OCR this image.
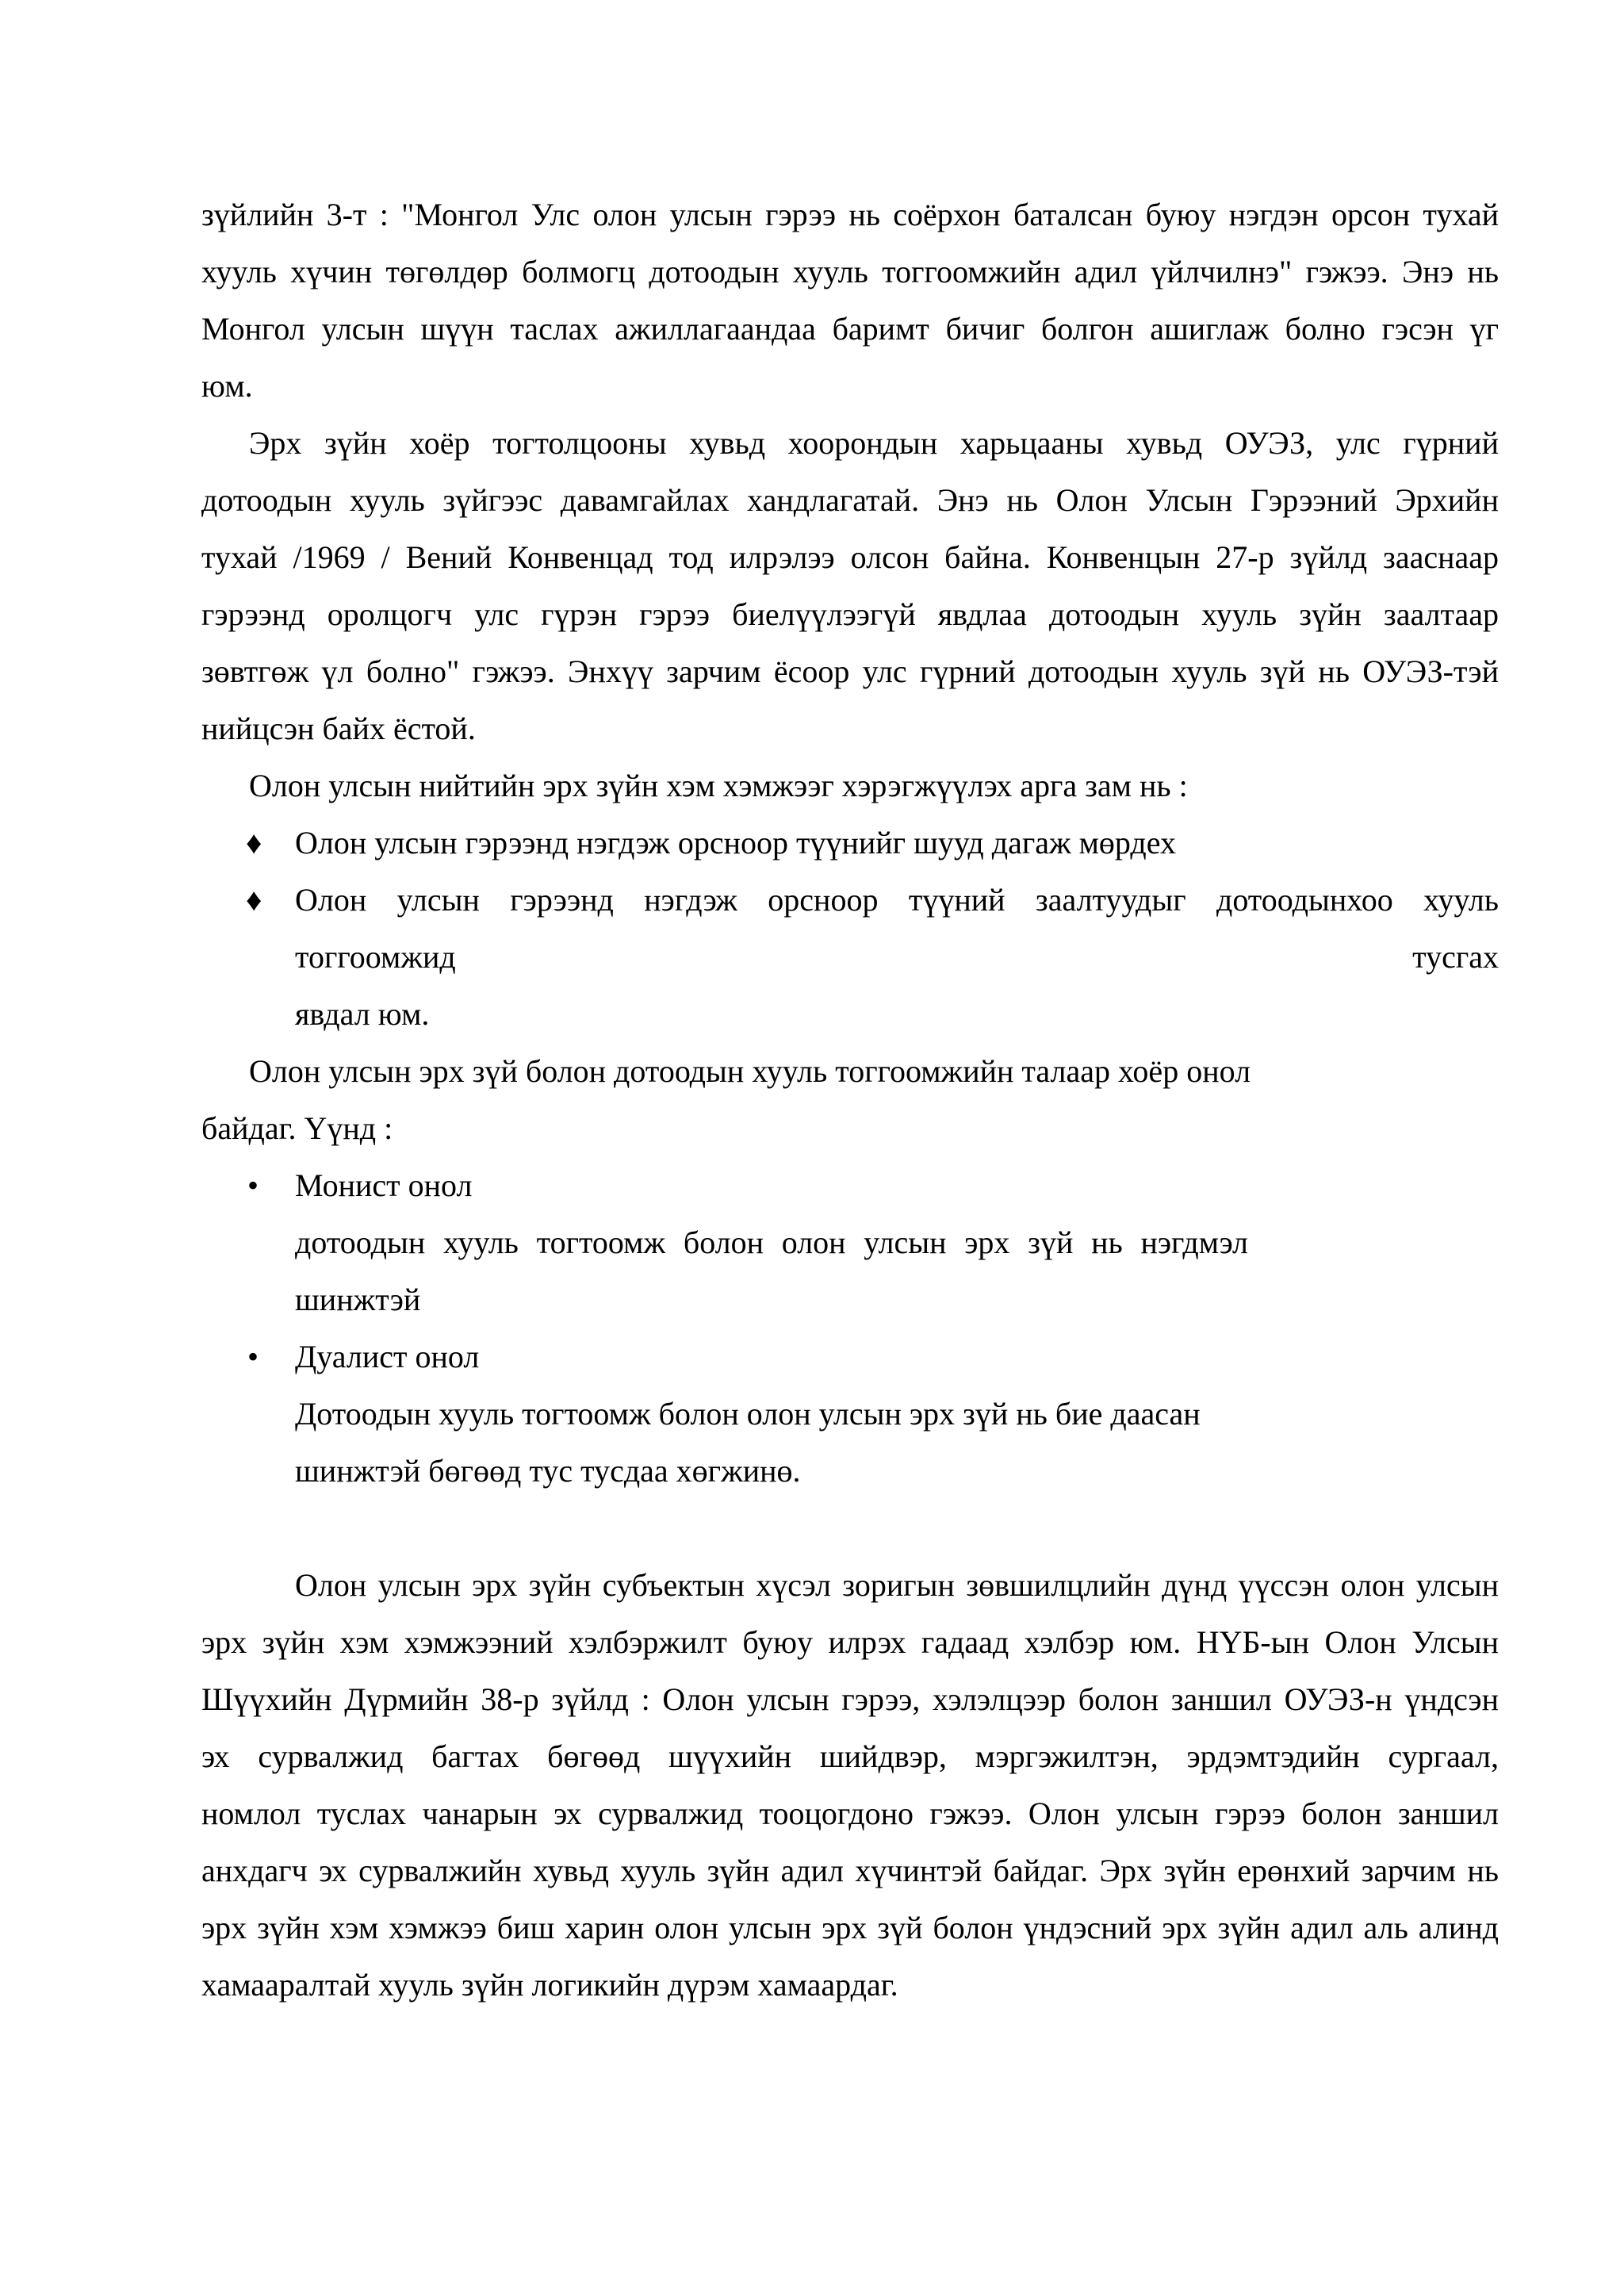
зүйлийн 3-т : "Монгол Улс олон улсын гэрээ нь соёрхон баталсан буюу нэгдэн орсон тухай
хууль хүчин төгөлдөр болмогц дотоодын хууль тоггоомжийн адил үйлчилнэ" гэжээ. Энэ нь
Монгол улсын шүүн таслах ажиллагаандаа баримт бичиг болгон ашиглаж болно гэсэн үг
юм.
Эрх зүйн хоёр тогтолцооны хувьд хоорондын харьцааны хувьд ОУЭЗ, улс гүрний
дотоодын хууль зүйгээс давамгайлах хандлагатай. Энэ нь Олон Улсын Гэрээний Эрхийн
тухай /1969 / Вений Конвенцад тод илрэлээ олсон байна. Конвенцын 27-р зүйлд зааснаар
гэрээнд оролцогч улс гүрэн гэрээ биелүүлээгүй явдлаа дотоодын хууль зүйн заалтаар
зөвтгөж үл болно" гэжээ. Энхүү зарчим ёсоор улс гүрний дотоодын хууль зүй нь ОУЭЗ-тэй
нийцсэн байх ёстой.
Олон улсын нийтийн эрх зүйн хэм хэмжээг хэрэгжүүлэх арга зам нь :
♦ Олон улсын гэрээнд нэгдэж орсноор түүнийг шууд дагаж мөрдех
♦ Олон улсын гэрээнд нэгдэж орсноор түүний заалтуудыг дотоодынхоо хууль
тоггоомжид тусгах
явдал юм.
Олон улсын эрх зүй болон дотоодын хууль тоггоомжийн талаар хоёр онол
байдаг. Үүнд :
• Монист онол
дотоодын хууль тогтоомж болон олон улсын эрх зүй нь нэгдмэл
шинжтэй
• Дуалист онол
Дотоодын хууль тогтоомж болон олон улсын эрх зүй нь бие даасан
шинжтэй бөгөөд тус тусдаа хөгжинө.
Олон улсын эрх зүйн субъектын хүсэл зоригын зөвшилцлийн дүнд үүссэн олон улсын
эрх зүйн хэм хэмжээний хэлбэржилт буюу илрэх гадаад хэлбэр юм. НҮБ-ын Олон Улсын
Шүүхийн Дүрмийн 38-р зүйлд : Олон улсын гэрээ, хэлэлцээр болон заншил ОУЭЗ-н үндсэн
эх сурвалжид багтах бөгөөд шүүхийн шийдвэр, мэргэжилтэн, эрдэмтэдийн сургаал,
номлол туслах чанарын эх сурвалжид тооцогдоно гэжээ. Олон улсын гэрээ болон заншил
анхдагч эх сурвалжийн хувьд хууль зүйн адил хүчинтэй байдаг. Эрх зүйн ерөнхий зарчим нь
эрх зүйн хэм хэмжээ биш харин олон улсын эрх зүй болон үндэсний эрх зүйн адил аль алинд
хамааралтай хууль зүйн логикийн дүрэм хамаардаг.
